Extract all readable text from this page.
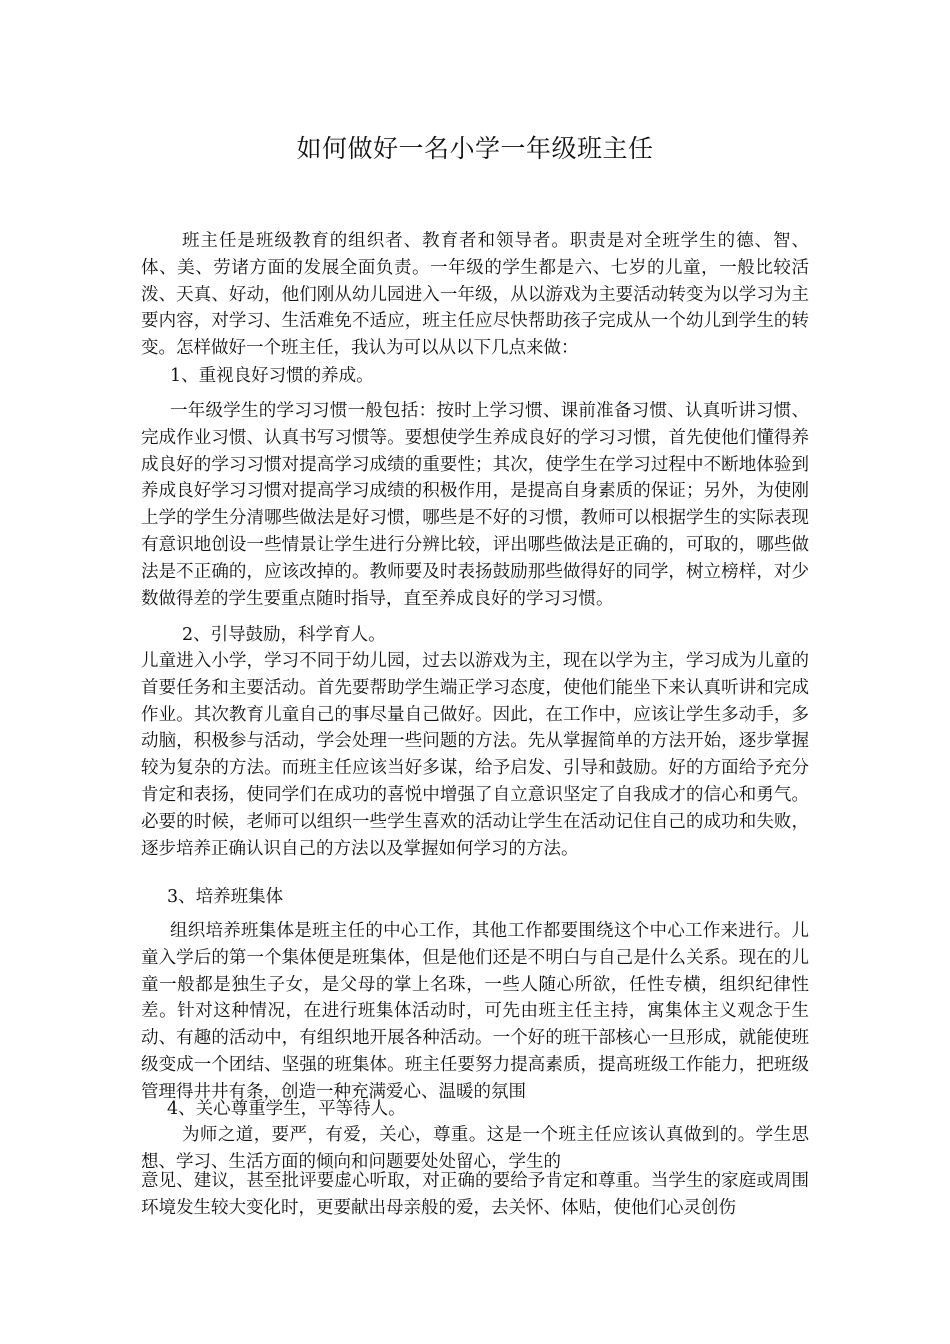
如何做好一名小学一年级班主任

班主任是班级教育的组织者、教育者和领导者。职责是对全班学生的德、智、体、美、劳诸方面的发展全面负责。一年级的学生都是六、七岁的儿童，一般比较活泼、天真、好动，他们刚从幼儿园进入一年级，从以游戏为主要活动转变为以学习为主要内容，对学习、生活难免不适应，班主任应尽快帮助孩子完成从一个幼儿到学生的转变。怎样做好一个班主任，我认为可以从以下几点来做：

1、重视良好习惯的养成。

一年级学生的学习习惯一般包括：按时上学习惯、课前准备习惯、认真听讲习惯、完成作业习惯、认真书写习惯等。要想使学生养成良好的学习习惯，首先使他们懂得养成良好的学习习惯对提高学习成绩的重要性；其次，使学生在学习过程中不断地体验到养成良好学习习惯对提高学习成绩的积极作用，是提高自身素质的保证；另外，为使刚上学的学生分清哪些做法是好习惯，哪些是不好的习惯，教师可以根据学生的实际表现有意识地创设一些情景让学生进行分辨比较，评出哪些做法是正确的，可取的，哪些做法是不正确的，应该改掉的。教师要及时表扬鼓励那些做得好的同学，树立榜样，对少数做得差的学生要重点随时指导，直至养成良好的学习习惯。

2、引导鼓励，科学育人。

儿童进入小学，学习不同于幼儿园，过去以游戏为主，现在以学为主，学习成为儿童的首要任务和主要活动。首先要帮助学生端正学习态度，使他们能坐下来认真听讲和完成作业。其次教育儿童自己的事尽量自己做好。因此，在工作中，应该让学生多动手，多动脑，积极参与活动，学会处理一些问题的方法。先从掌握简单的方法开始，逐步掌握较为复杂的方法。而班主任应该当好多谋，给予启发、引导和鼓励。好的方面给予充分肯定和表扬，使同学们在成功的喜悦中增强了自立意识坚定了自我成才的信心和勇气。必要的时候，老师可以组织一些学生喜欢的活动让学生在活动记住自己的成功和失败，逐步培养正确认识自己的方法以及掌握如何学习的方法。

3、培养班集体

组织培养班集体是班主任的中心工作，其他工作都要围绕这个中心工作来进行。儿童入学后的第一个集体便是班集体，但是他们还是不明白与自己是什么关系。现在的儿童一般都是独生子女，是父母的掌上名珠，一些人随心所欲，任性专横，组织纪律性差。针对这种情况，在进行班集体活动时，可先由班主任主持，寓集体主义观念于生动、有趣的活动中，有组织地开展各种活动。一个好的班干部核心一旦形成，就能使班级变成一个团结、坚强的班集体。班主任要努力提高素质，提高班级工作能力，把班级管理得井井有条，创造一种充满爱心、温暖的氛围

4、关心尊重学生，平等待人。

为师之道，要严，有爱，关心，尊重。这是一个班主任应该认真做到的。学生思想、学习、生活方面的倾向和问题要处处留心，学生的

意见、建议，甚至批评要虚心听取，对正确的要给予肯定和尊重。当学生的家庭或周围环境发生较大变化时，更要献出母亲般的爱，去关怀、体贴，使他们心灵创伤
